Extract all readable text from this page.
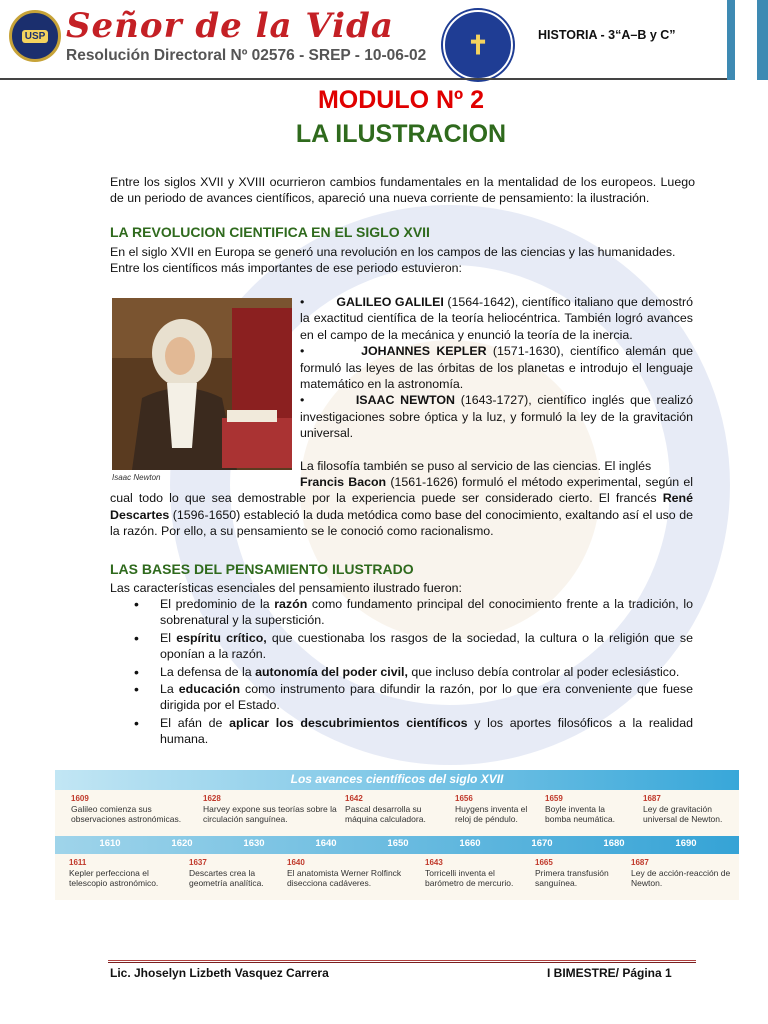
USP Señor de la Vida
Resolución Directoral Nº 02576 - SREP - 10-06-02 ✝	HISTORIA - 3“A–B y C”
MODULO Nº 2
LA ILUSTRACION
Entre los siglos XVII y XVIII ocurrieron cambios fundamentales en la mentalidad de los europeos. Luego de un periodo de avances científicos, apareció una nueva corriente de pensamiento: la ilustración.
LA REVOLUCION CIENTIFICA EN EL SIGLO XVII
En el siglo XVII en Europa se generó una revolución en los campos de las ciencias y las humanidades. Entre los científicos más importantes de ese periodo estuvieron:
Isaac Newton

•	GALILEO GALILEI (1564-1642), científico italiano que demostró la exactitud científica de la teoría heliocéntrica. También logró avances en el campo de la mecánica y enunció la teoría de la inercia.

•	JOHANNES KEPLER (1571-1630), científico alemán que formuló las leyes de las órbitas de los planetas e introdujo el lenguaje matemático en la astronomía.

•	ISAAC NEWTON (1643-1727), científico inglés que realizó investigaciones sobre óptica y la luz, y formuló la ley de la gravitación universal.

La filosofía también se puso al servicio de las ciencias. El inglés
Francis Bacon (1561-1626) formuló el método experimental, según el cual todo lo que sea demostrable por la experiencia puede ser considerado cierto. El francés René Descartes (1596-1650) estableció la duda metódica como base del conocimiento, exaltando así el uso de la razón. Por ello, a su pensamiento se le conoció como racionalismo.
LAS BASES DEL PENSAMIENTO ILUSTRADO
Las características esenciales del pensamiento ilustrado fueron:
• El predominio de la razón como fundamento principal del conocimiento frente a la tradición, lo sobrenatural y la superstición.
• El espíritu crítico, que cuestionaba los rasgos de la sociedad, la cultura o la religión que se oponían a la razón.
• La defensa de la autonomía del poder civil, que incluso debía controlar al poder eclesiástico.
• La educación como instrumento para difundir la razón, por lo que era conveniente que fuese dirigida por el Estado.
• El afán de aplicar los descubrimientos científicos y los aportes filosóficos a la realidad humana.
Los avances científicos del siglo XVII
1610	1620	1630	1640	1650	1660	1670	1680	1690
1609
Galileo comienza sus observaciones astronómicas.
1628
Harvey expone sus teorías sobre la circulación sanguínea.
1642
Pascal desarrolla su máquina calculadora.
1656
Huygens inventa el reloj de péndulo.
1659
Boyle inventa la bomba neumática.
1687
Ley de gravitación universal de Newton.
1611
Kepler perfecciona el telescopio astronómico.
1637
Descartes crea la geometría analítica.
1640
El anatomista Werner Rolfinck disecciona cadáveres.
1643
Torricelli inventa el barómetro de mercurio.
1665
Primera transfusión sanguínea.
1687
Ley de acción-reacción de Newton.
Lic. Jhoselyn Lizbeth Vasquez Carrera	I BIMESTRE/ Página 1
